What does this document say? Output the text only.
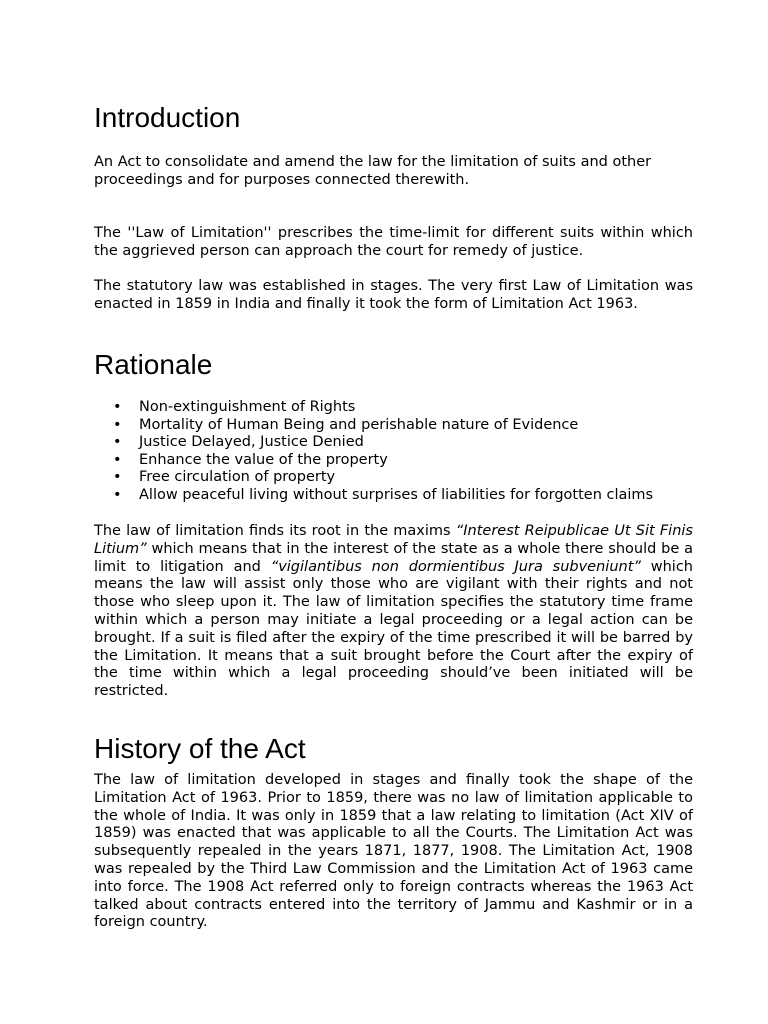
Introduction

An Act to consolidate and amend the law for the limitation of suits and other proceedings and for purposes connected therewith.

The ''Law of Limitation'' prescribes the time-limit for different suits within which the aggrieved person can approach the court for remedy of justice.

The statutory law was established in stages. The very first Law of Limitation was enacted in 1859 in India and finally it took the form of Limitation Act 1963.

Rationale
• Non-extinguishment of Rights
• Mortality of Human Being and perishable nature of Evidence
• Justice Delayed, Justice Denied
• Enhance the value of the property
• Free circulation of property
• Allow peaceful living without surprises of liabilities for forgotten claims

The law of limitation finds its root in the maxims “Interest Reipublicae Ut Sit Finis Litium” which means that in the interest of the state as a whole there should be a limit to litigation and “vigilantibus non dormientibus Jura subveniunt” which means the law will assist only those who are vigilant with their rights and not those who sleep upon it. The law of limitation specifies the statutory time frame within which a person may initiate a legal proceeding or a legal action can be brought. If a suit is filed after the expiry of the time prescribed it will be barred by the Limitation. It means that a suit brought before the Court after the expiry of the time within which a legal proceeding should’ve been initiated will be restricted.

History of the Act

The law of limitation developed in stages and finally took the shape of the Limitation Act of 1963. Prior to 1859, there was no law of limitation applicable to the whole of India. It was only in 1859 that a law relating to limitation (Act XIV of 1859) was enacted that was applicable to all the Courts. The Limitation Act was subsequently repealed in the years 1871, 1877, 1908. The Limitation Act, 1908 was repealed by the Third Law Commission and the Limitation Act of 1963 came into force. The 1908 Act referred only to foreign contracts whereas the 1963 Act talked about contracts entered into the territory of Jammu and Kashmir or in a foreign country.
